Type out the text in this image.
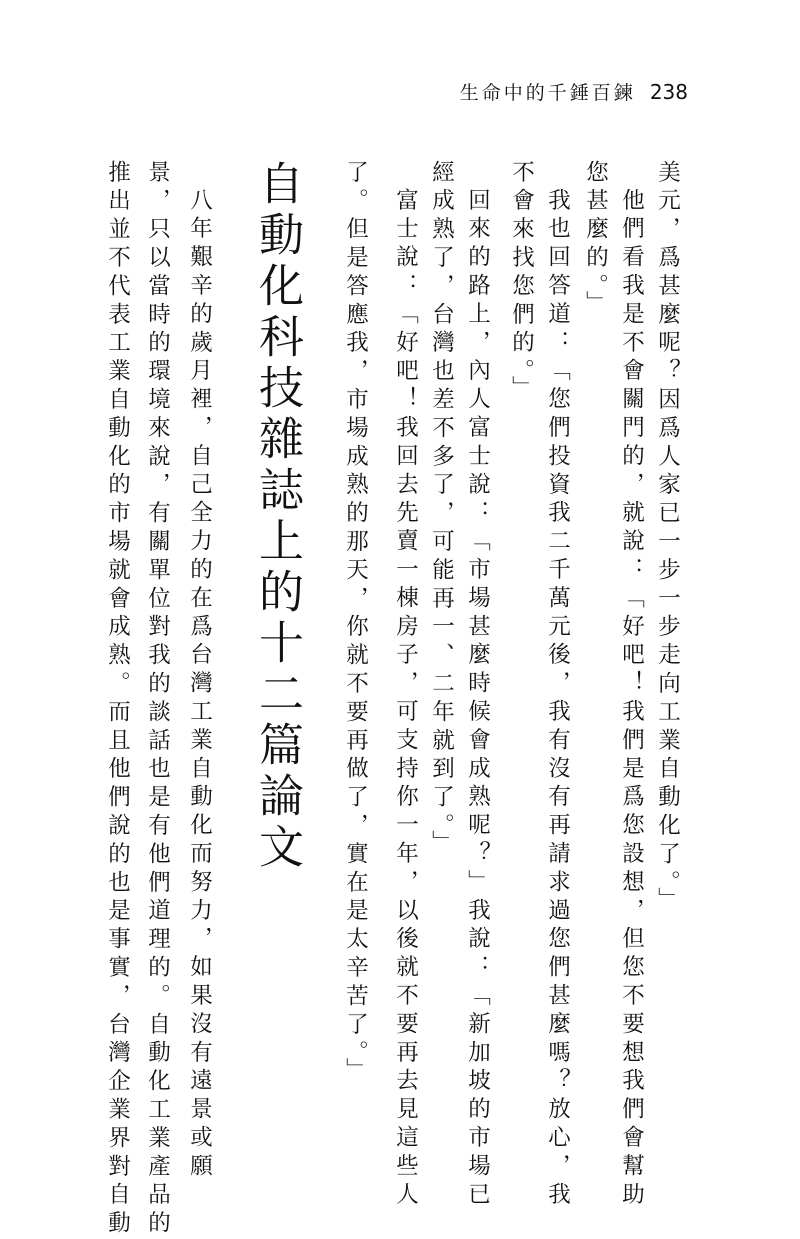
生命中的千錘百鍊 238
美元，爲甚麼呢？因爲人家已一步一步走向工業自動化了。」
他們看我是不會關門的，就說：「好吧！我們是爲您設想，但您不要想我們會幫助
您甚麼的。」
我也回答道：「您們投資我二千萬元後，我有沒有再請求過您們甚麼嗎？放心，我
不會來找您們的。」
回來的路上，內人富士說：「市場甚麼時候會成熟呢？」我說：「新加坡的市場已
經成熟了，台灣也差不多了，可能再一、二年就到了。」
富士說：「好吧！我回去先賣一棟房子，可支持你一年，以後就不要再去見這些人
了。但是答應我，市場成熟的那天，你就不要再做了，實在是太辛苦了。」
自動化科技雜誌上的十二篇論文
八年艱辛的歲月裡，自己全力的在爲台灣工業自動化而努力，如果沒有遠景或願
景，只以當時的環境來說，有關單位對我的談話也是有他們道理的。自動化工業產品的
推出並不代表工業自動化的市場就會成熟。而且他們說的也是事實，台灣企業界對自動
